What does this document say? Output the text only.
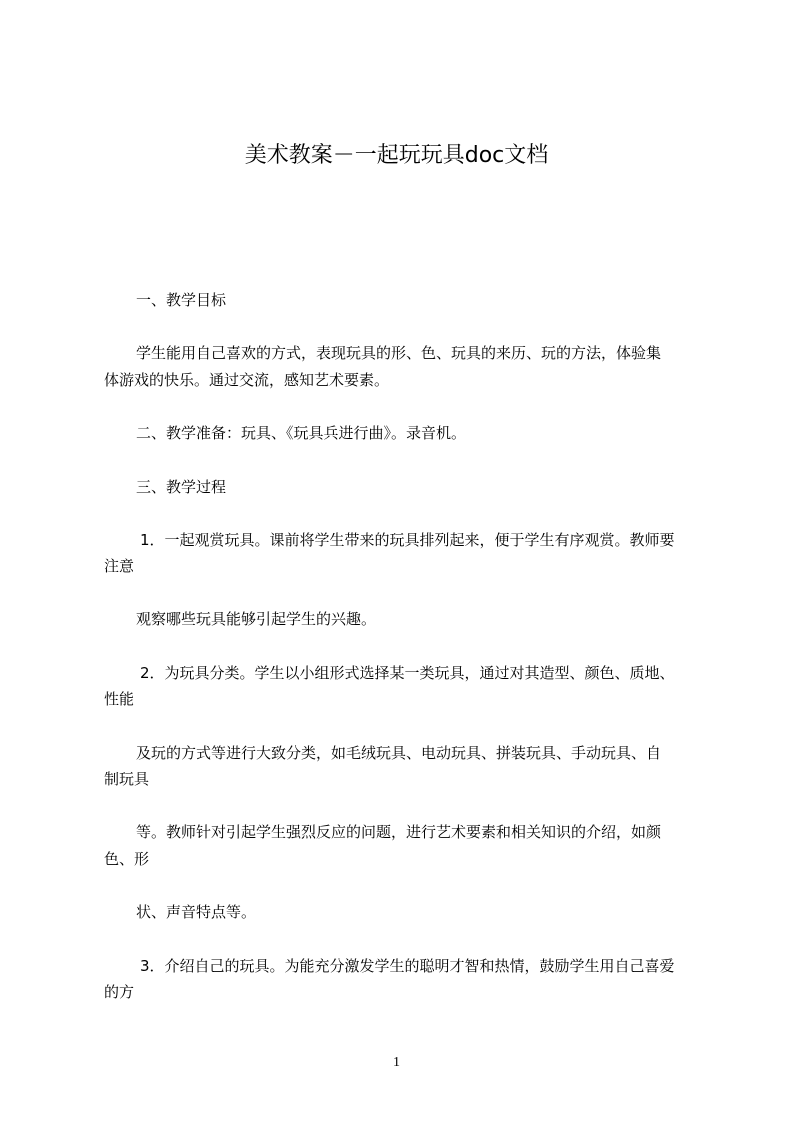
美术教案－一起玩玩具doc文档

一、教学目标

学生能用自己喜欢的方式，表现玩具的形、色、玩具的来历、玩的方法，体验集

体游戏的快乐。通过交流，感知艺术要素。

二、教学准备：玩具、《玩具兵进行曲》。录音机。

三、教学过程

1．一起观赏玩具。课前将学生带来的玩具排列起来，便于学生有序观赏。教师要

注意

观察哪些玩具能够引起学生的兴趣。

2．为玩具分类。学生以小组形式选择某一类玩具，通过对其造型、颜色、质地、

性能

及玩的方式等进行大致分类，如毛绒玩具、电动玩具、拼装玩具、手动玩具、自

制玩具

等。教师针对引起学生强烈反应的问题，进行艺术要素和相关知识的介绍，如颜

色、形

状、声音特点等。

3．介绍自己的玩具。为能充分激发学生的聪明才智和热情，鼓励学生用自己喜爱

的方

1
